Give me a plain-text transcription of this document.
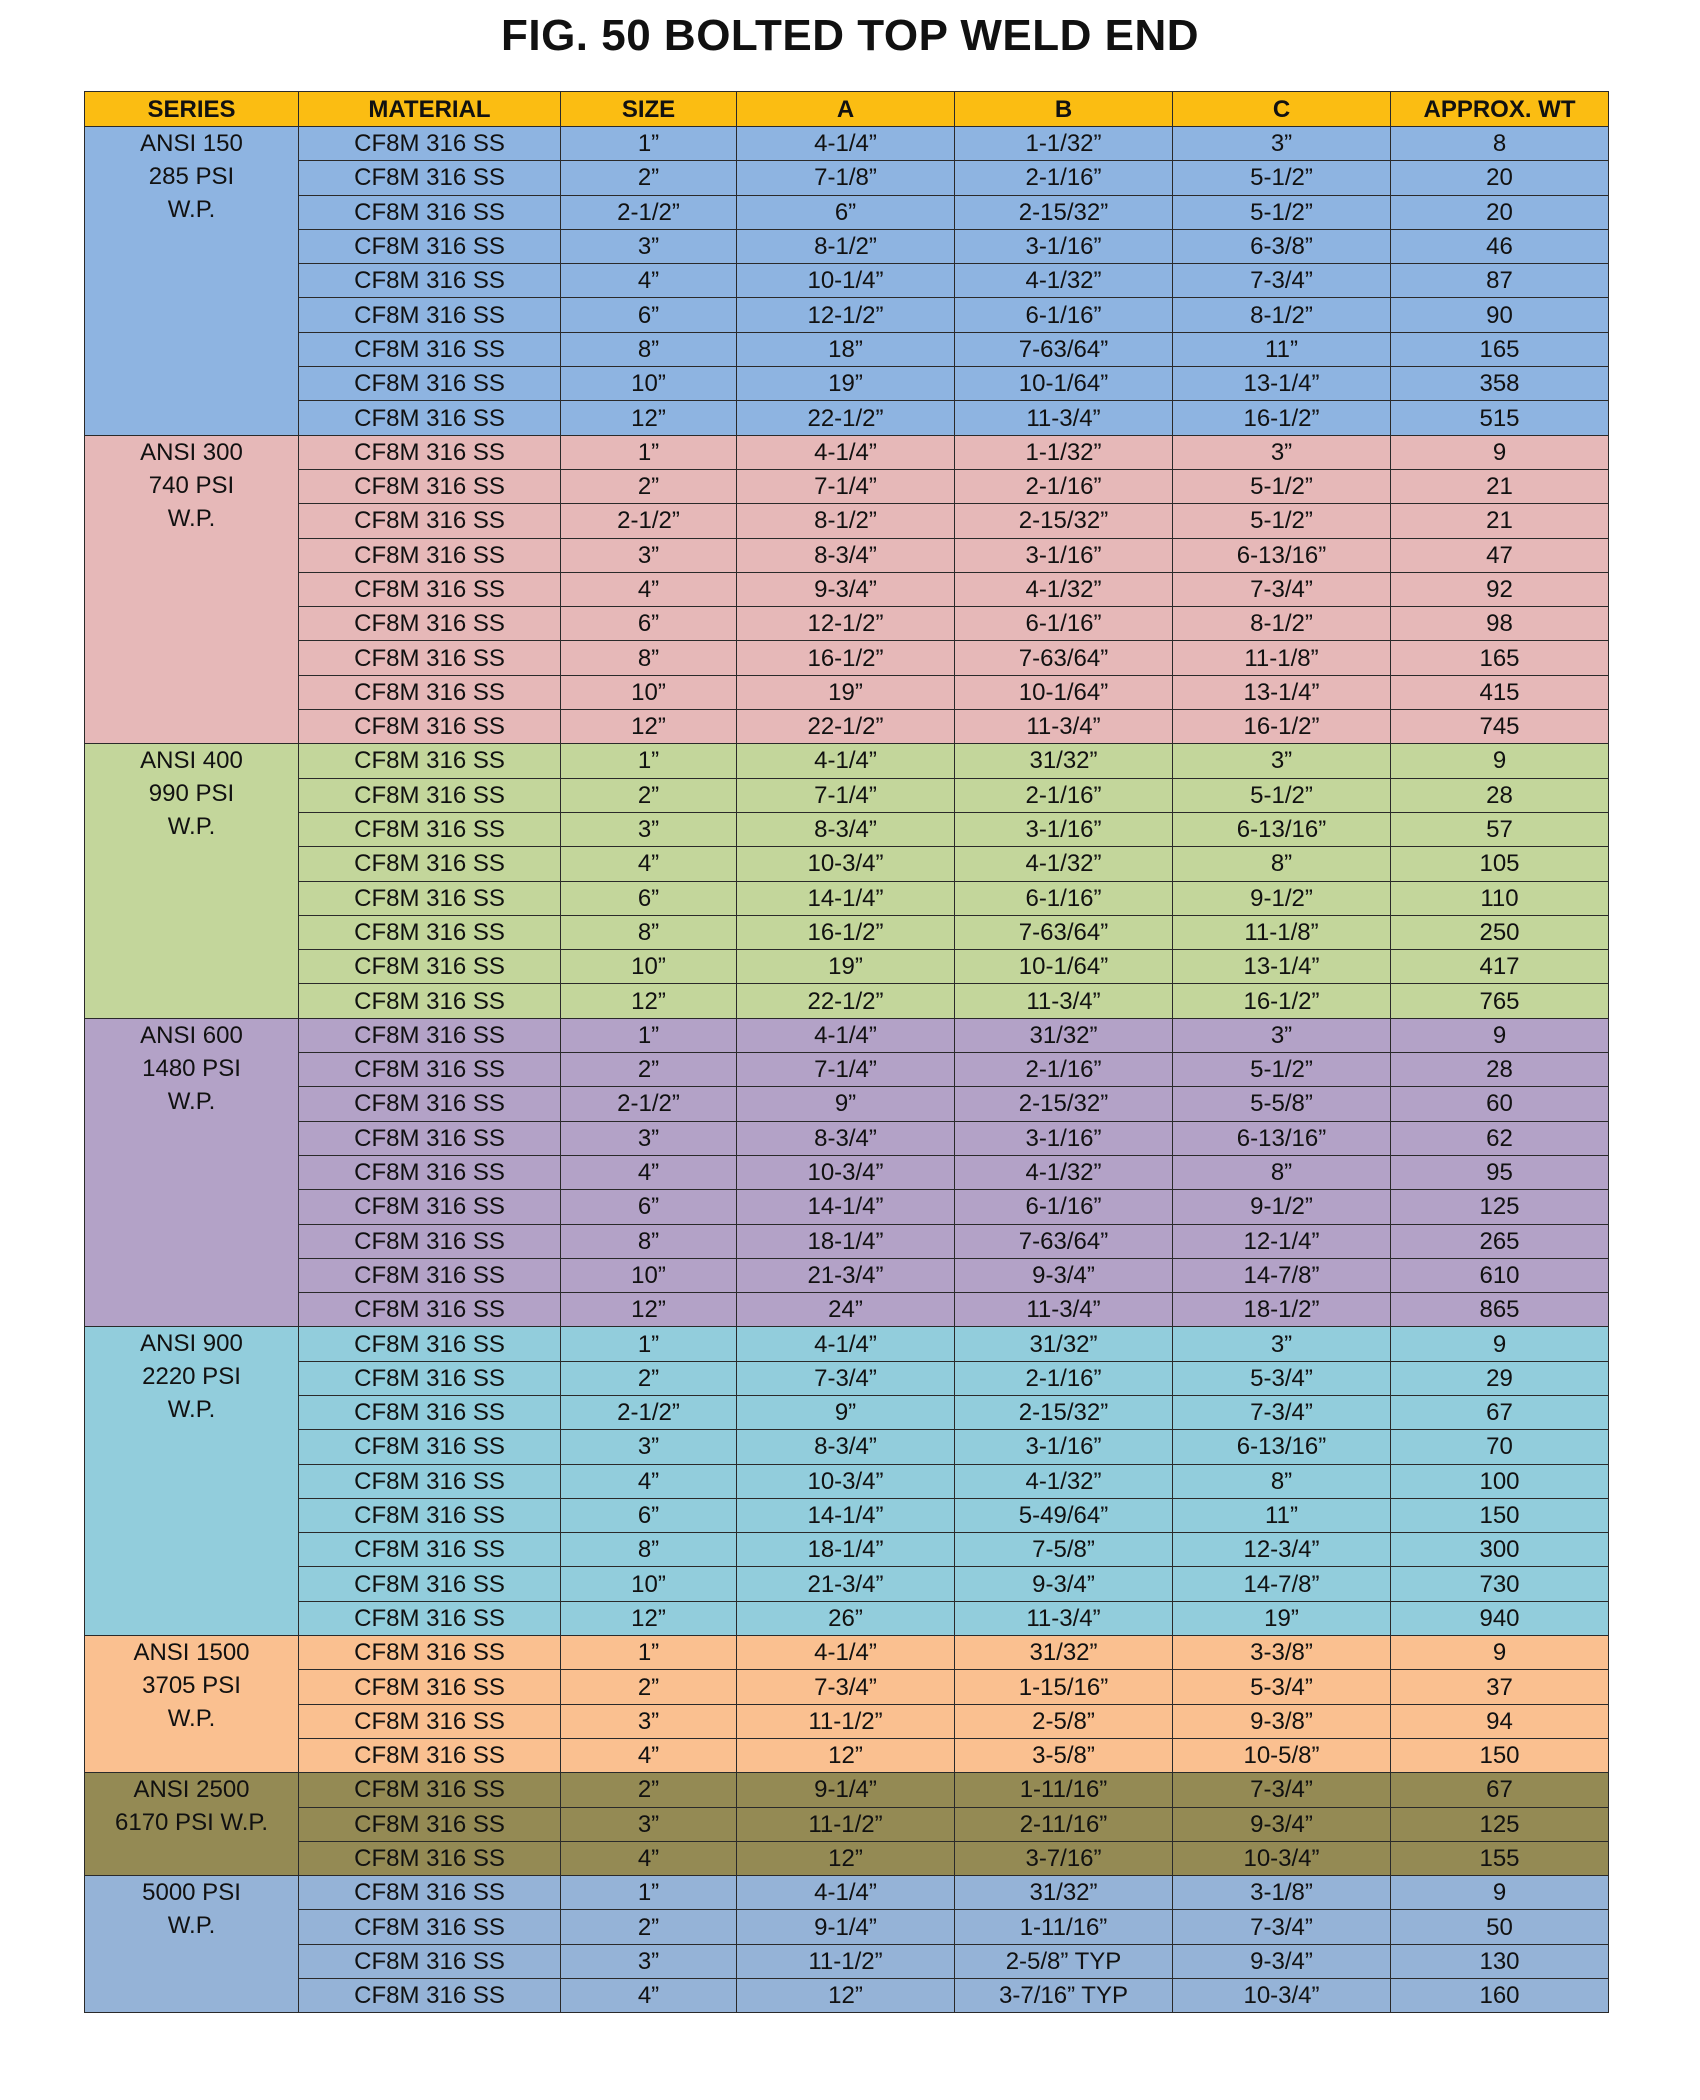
FIG. 50 BOLTED TOP WELD END
SERIES	MATERIAL	SIZE	A	B	C	APPROX. WT

ANSI 150
285 PSI
W.P.	CF8M 316 SS	1”	4-1/4”	1-1/32”	3”	8
	CF8M 316 SS	2”	7-1/8”	2-1/16”	5-1/2”	20
	CF8M 316 SS	2-1/2”	6”	2-15/32”	5-1/2”	20
	CF8M 316 SS	3”	8-1/2”	3-1/16”	6-3/8”	46
	CF8M 316 SS	4”	10-1/4”	4-1/32”	7-3/4”	87
	CF8M 316 SS	6”	12-1/2”	6-1/16”	8-1/2”	90
	CF8M 316 SS	8”	18”	7-63/64”	11”	165
	CF8M 316 SS	10”	19”	10-1/64”	13-1/4”	358
	CF8M 316 SS	12”	22-1/2”	11-3/4”	16-1/2”	515

ANSI 300
740 PSI
W.P.	CF8M 316 SS	1”	4-1/4”	1-1/32”	3”	9
	CF8M 316 SS	2”	7-1/4”	2-1/16”	5-1/2”	21
	CF8M 316 SS	2-1/2”	8-1/2”	2-15/32”	5-1/2”	21
	CF8M 316 SS	3”	8-3/4”	3-1/16”	6-13/16”	47
	CF8M 316 SS	4”	9-3/4”	4-1/32”	7-3/4”	92
	CF8M 316 SS	6”	12-1/2”	6-1/16”	8-1/2”	98
	CF8M 316 SS	8”	16-1/2”	7-63/64”	11-1/8”	165
	CF8M 316 SS	10”	19”	10-1/64”	13-1/4”	415
	CF8M 316 SS	12”	22-1/2”	11-3/4”	16-1/2”	745

ANSI 400
990 PSI
W.P.	CF8M 316 SS	1”	4-1/4”	31/32”	3”	9
	CF8M 316 SS	2”	7-1/4”	2-1/16”	5-1/2”	28
	CF8M 316 SS	3”	8-3/4”	3-1/16”	6-13/16”	57
	CF8M 316 SS	4”	10-3/4”	4-1/32”	8”	105
	CF8M 316 SS	6”	14-1/4”	6-1/16”	9-1/2”	110
	CF8M 316 SS	8”	16-1/2”	7-63/64”	11-1/8”	250
	CF8M 316 SS	10”	19”	10-1/64”	13-1/4”	417
	CF8M 316 SS	12”	22-1/2”	11-3/4”	16-1/2”	765

ANSI 600
1480 PSI
W.P.	CF8M 316 SS	1”	4-1/4”	31/32”	3”	9
	CF8M 316 SS	2”	7-1/4”	2-1/16”	5-1/2”	28
	CF8M 316 SS	2-1/2”	9”	2-15/32”	5-5/8”	60
	CF8M 316 SS	3”	8-3/4”	3-1/16”	6-13/16”	62
	CF8M 316 SS	4”	10-3/4”	4-1/32”	8”	95
	CF8M 316 SS	6”	14-1/4”	6-1/16”	9-1/2”	125
	CF8M 316 SS	8”	18-1/4”	7-63/64”	12-1/4”	265
	CF8M 316 SS	10”	21-3/4”	9-3/4”	14-7/8”	610
	CF8M 316 SS	12”	24”	11-3/4”	18-1/2”	865

ANSI 900
2220 PSI
W.P.	CF8M 316 SS	1”	4-1/4”	31/32”	3”	9
	CF8M 316 SS	2”	7-3/4”	2-1/16”	5-3/4”	29
	CF8M 316 SS	2-1/2”	9”	2-15/32”	7-3/4”	67
	CF8M 316 SS	3”	8-3/4”	3-1/16”	6-13/16”	70
	CF8M 316 SS	4”	10-3/4”	4-1/32”	8”	100
	CF8M 316 SS	6”	14-1/4”	5-49/64”	11”	150
	CF8M 316 SS	8”	18-1/4”	7-5/8”	12-3/4”	300
	CF8M 316 SS	10”	21-3/4”	9-3/4”	14-7/8”	730
	CF8M 316 SS	12”	26”	11-3/4”	19”	940

ANSI 1500
3705 PSI
W.P.	CF8M 316 SS	1”	4-1/4”	31/32”	3-3/8”	9
	CF8M 316 SS	2”	7-3/4”	1-15/16”	5-3/4”	37
	CF8M 316 SS	3”	11-1/2”	2-5/8”	9-3/8”	94
	CF8M 316 SS	4”	12”	3-5/8”	10-5/8”	150

ANSI 2500
6170 PSI W.P.	CF8M 316 SS	2”	9-1/4”	1-11/16”	7-3/4”	67
	CF8M 316 SS	3”	11-1/2”	2-11/16”	9-3/4”	125
	CF8M 316 SS	4”	12”	3-7/16”	10-3/4”	155

5000 PSI
W.P.	CF8M 316 SS	1”	4-1/4”	31/32”	3-1/8”	9
	CF8M 316 SS	2”	9-1/4”	1-11/16”	7-3/4”	50
	CF8M 316 SS	3”	11-1/2”	2-5/8” TYP	9-3/4”	130
	CF8M 316 SS	4”	12”	3-7/16” TYP	10-3/4”	160
